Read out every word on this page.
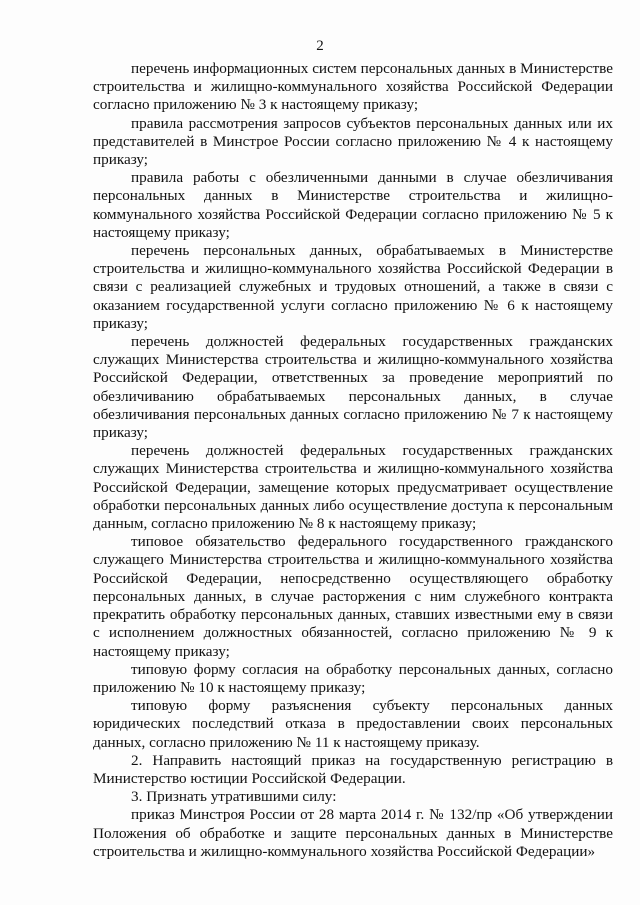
2

перечень информационных систем персональных данных в Министерстве строительства и жилищно-коммунального хозяйства Российской Федерации согласно приложению № 3 к настоящему приказу;

правила рассмотрения запросов субъектов персональных данных или их представителей в Минстрое России согласно приложению № 4 к настоящему приказу;

правила работы с обезличенными данными в случае обезличивания персональных данных в Министерстве строительства и жилищно-коммунального хозяйства Российской Федерации согласно приложению № 5 к настоящему приказу;

перечень персональных данных, обрабатываемых в Министерстве строительства и жилищно-коммунального хозяйства Российской Федерации в связи с реализацией служебных и трудовых отношений, а также в связи с оказанием государственной услуги согласно приложению № 6 к настоящему приказу;

перечень должностей федеральных государственных гражданских служащих Министерства строительства и жилищно-коммунального хозяйства Российской Федерации, ответственных за проведение мероприятий по обезличиванию обрабатываемых персональных данных, в случае обезличивания персональных данных согласно приложению № 7 к настоящему приказу;

перечень должностей федеральных государственных гражданских служащих Министерства строительства и жилищно-коммунального хозяйства Российской Федерации, замещение которых предусматривает осуществление обработки персональных данных либо осуществление доступа к персональным данным, согласно приложению № 8 к настоящему приказу;

типовое обязательство федерального государственного гражданского служащего Министерства строительства и жилищно-коммунального хозяйства Российской Федерации, непосредственно осуществляющего обработку персональных данных, в случае расторжения с ним служебного контракта прекратить обработку персональных данных, ставших известными ему в связи с исполнением должностных обязанностей, согласно приложению № 9 к настоящему приказу;

типовую форму согласия на обработку персональных данных, согласно приложению № 10 к настоящему приказу;

типовую форму разъяснения субъекту персональных данных юридических последствий отказа в предоставлении своих персональных данных, согласно приложению № 11 к настоящему приказу.

2. Направить настоящий приказ на государственную регистрацию в Министерство юстиции Российской Федерации.

3. Признать утратившими силу:

приказ Минстроя России от 28 марта 2014 г. № 132/пр «Об утверждении Положения об обработке и защите персональных данных в Министерстве строительства и жилищно-коммунального хозяйства Российской Федерации»
